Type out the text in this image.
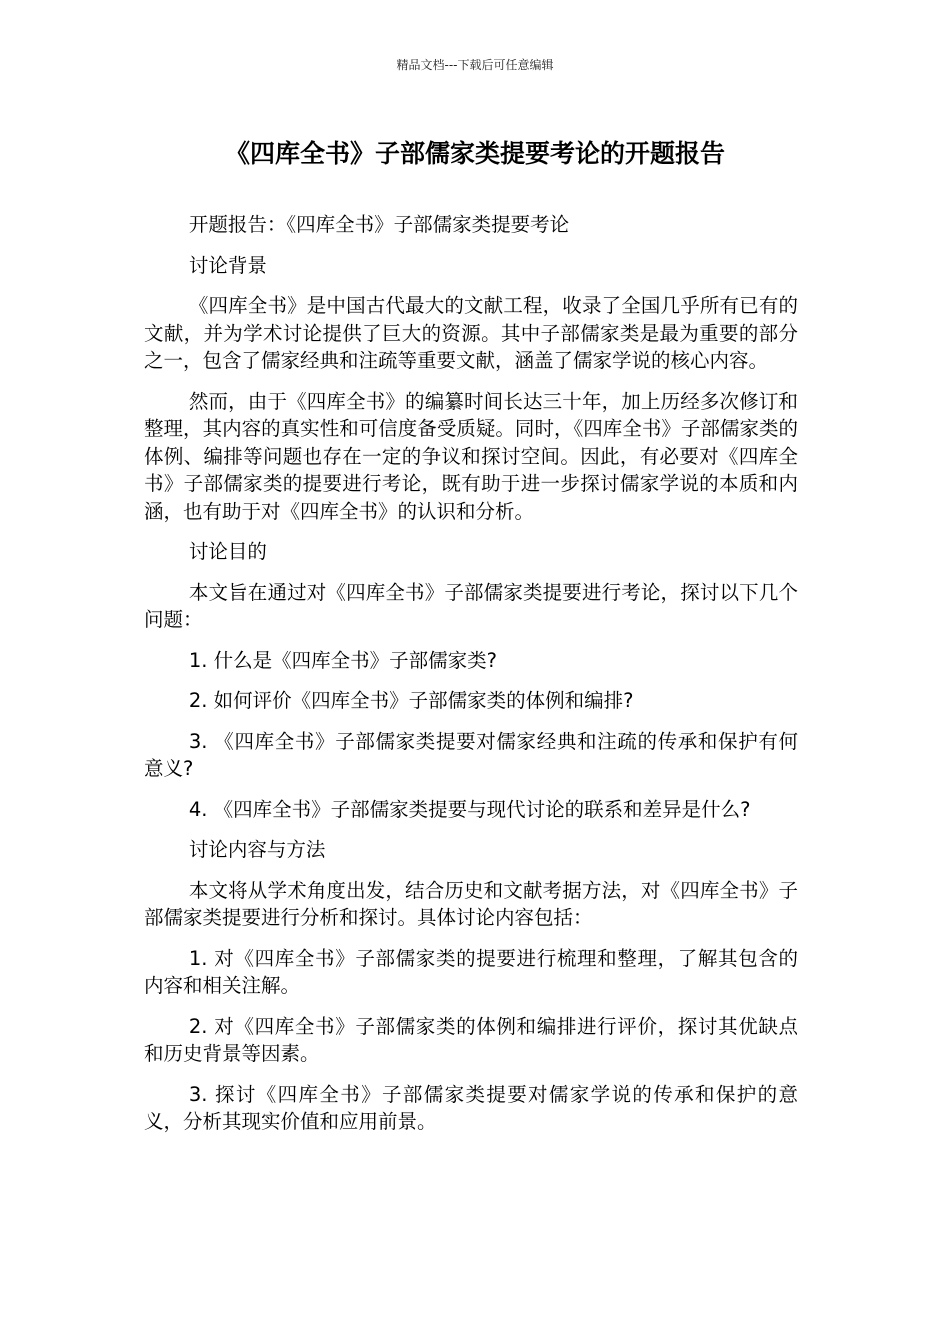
精品文档---下载后可任意编辑
《四库全书》子部儒家类提要考论的开题报告

开题报告：《四库全书》子部儒家类提要考论

讨论背景

《四库全书》是中国古代最大的文献工程，收录了全国几乎所有已有的文献，并为学术讨论提供了巨大的资源。其中子部儒家类是最为重要的部分之一，包含了儒家经典和注疏等重要文献，涵盖了儒家学说的核心内容。

然而，由于《四库全书》的编纂时间长达三十年，加上历经多次修订和整理，其内容的真实性和可信度备受质疑。同时，《四库全书》子部儒家类的体例、编排等问题也存在一定的争议和探讨空间。因此，有必要对《四库全书》子部儒家类的提要进行考论，既有助于进一步探讨儒家学说的本质和内涵，也有助于对《四库全书》的认识和分析。

讨论目的

本文旨在通过对《四库全书》子部儒家类提要进行考论，探讨以下几个问题：

1. 什么是《四库全书》子部儒家类?

2. 如何评价《四库全书》子部儒家类的体例和编排?

3. 《四库全书》子部儒家类提要对儒家经典和注疏的传承和保护有何意义?

4. 《四库全书》子部儒家类提要与现代讨论的联系和差异是什么?

讨论内容与方法

本文将从学术角度出发，结合历史和文献考据方法，对《四库全书》子部儒家类提要进行分析和探讨。具体讨论内容包括：

1. 对《四库全书》子部儒家类的提要进行梳理和整理，了解其包含的内容和相关注解。

2. 对《四库全书》子部儒家类的体例和编排进行评价，探讨其优缺点和历史背景等因素。

3. 探讨《四库全书》子部儒家类提要对儒家学说的传承和保护的意义，分析其现实价值和应用前景。
